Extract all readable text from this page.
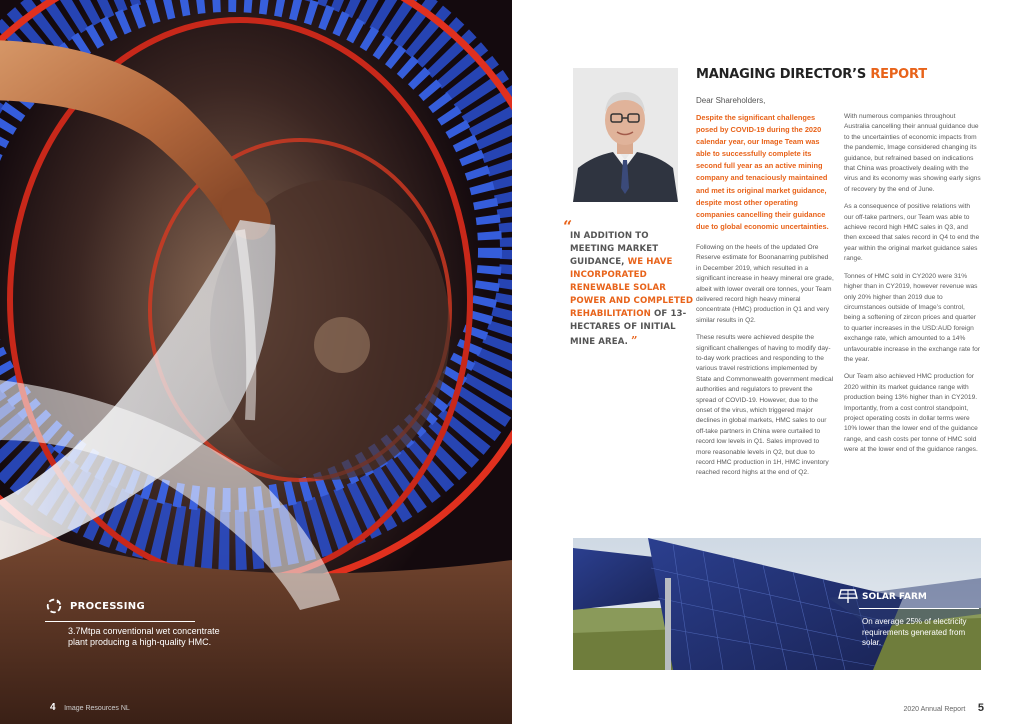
PROCESSING
3.7Mtpa conventional wet concentrate plant producing a high-quality HMC.
4 Image Resources NL
MANAGING DIRECTOR’S REPORT
Dear Shareholders,
“
IN ADDITION TO MEETING MARKET GUIDANCE, WE HAVE INCORPORATED RENEWABLE SOLAR POWER AND COMPLETED REHABILITATION OF 13-HECTARES OF INITIAL MINE AREA. ”
Despite the significant challenges posed by COVID-19 during the 2020 calendar year, our Image Team was able to successfully complete its second full year as an active mining company and tenaciously maintained and met its original market guidance, despite most other operating companies cancelling their guidance due to global economic uncertainties.
Following on the heels of the updated Ore Reserve estimate for Boonanarring published in December 2019, which resulted in a significant increase in heavy mineral ore grade, albeit with lower overall ore tonnes, your Team delivered record high heavy mineral concentrate (HMC) production in Q1 and very similar results in Q2.
These results were achieved despite the significant challenges of having to modify day-to-day work practices and responding to the various travel restrictions implemented by State and Commonwealth government medical authorities and regulators to prevent the spread of COVID-19. However, due to the onset of the virus, which triggered major declines in global markets, HMC sales to our off-take partners in China were curtailed to record low levels in Q1. Sales improved to more reasonable levels in Q2, but due to record HMC production in 1H, HMC inventory reached record highs at the end of Q2.
With numerous companies throughout Australia cancelling their annual guidance due to the uncertainties of economic impacts from the pandemic, Image considered changing its guidance, but refrained based on indications that China was proactively dealing with the virus and its economy was showing early signs of recovery by the end of June.
As a consequence of positive relations with our off-take partners, our Team was able to achieve record high HMC sales in Q3, and then exceed that sales record in Q4 to end the year within the original market guidance sales range.
Tonnes of HMC sold in CY2020 were 31% higher than in CY2019, however revenue was only 20% higher than 2019 due to circumstances outside of Image’s control, being a softening of zircon prices and quarter to quarter increases in the USD:AUD foreign exchange rate, which amounted to a 14% unfavourable increase in the exchange rate for the year.
Our Team also achieved HMC production for 2020 within its market guidance range with production being 13% higher than in CY2019. Importantly, from a cost control standpoint, project operating costs in dollar terms were 10% lower than the lower end of the guidance range, and cash costs per tonne of HMC sold were at the lower end of the guidance ranges.
SOLAR FARM
On average 25% of electricity requirements generated from solar.
2020 Annual Report 5
